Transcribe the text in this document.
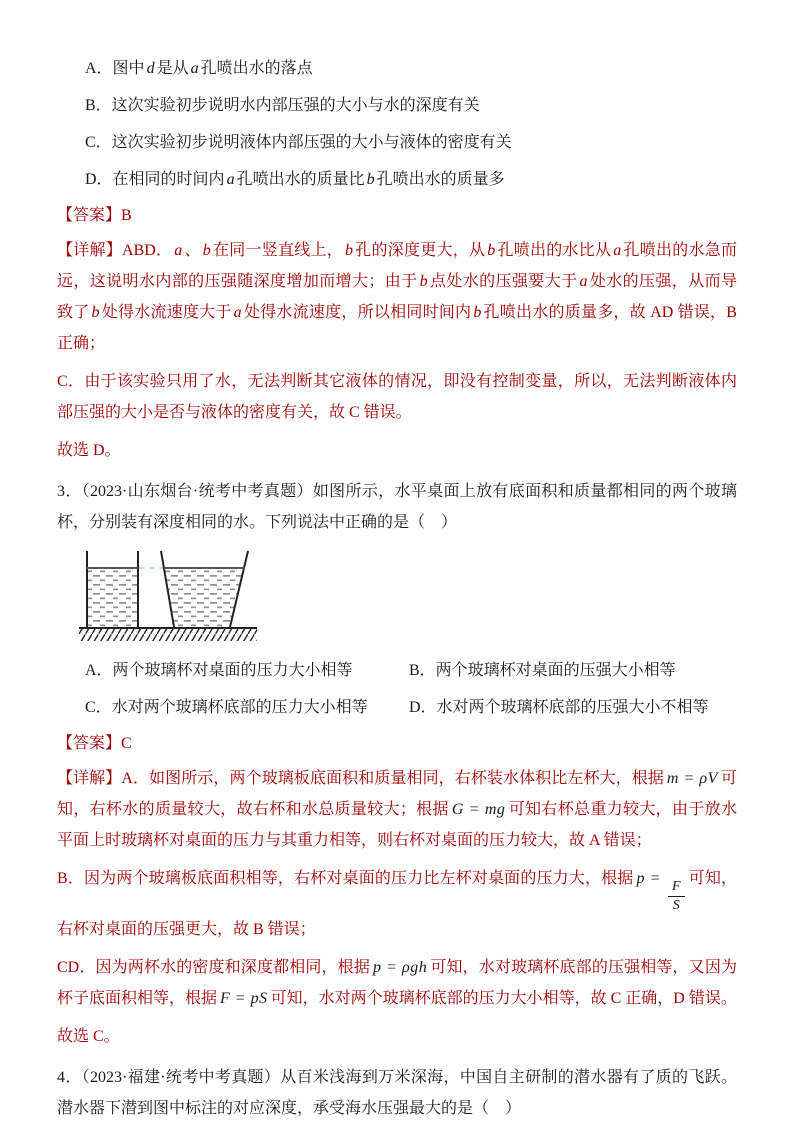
A．图中 d 是从 a 孔喷出水的落点
B．这次实验初步说明水内部压强的大小与水的深度有关
C．这次实验初步说明液体内部压强的大小与液体的密度有关
D．在相同的时间内 a 孔喷出水的质量比 b 孔喷出水的质量多

【答案】B

【详解】ABD． a 、 b 在同一竖直线上， b 孔的深度更大，从 b 孔喷出的水比从 a 孔喷出的水急而远，这说明水内部的压强随深度增加而增大；由于 b 点处水的压强要大于 a 处水的压强，从而导致了 b 处得水流速度大于 a 处得水流速度，所以相同时间内 b 孔喷出水的质量多，故 AD 错误，B 正确；

C．由于该实验只用了水，无法判断其它液体的情况，即没有控制变量，所以，无法判断液体内部压强的大小是否与液体的密度有关，故 C 错误。

故选 D。

3．（2023·山东烟台·统考中考真题）如图所示，水平桌面上放有底面积和质量都相同的两个玻璃杯，分别装有深度相同的水。下列说法中正确的是（　）

A．两个玻璃杯对桌面的压力大小相等	B．两个玻璃杯对桌面的压强大小相等
C．水对两个玻璃杯底部的压力大小相等	D．水对两个玻璃杯底部的压强大小不相等

【答案】C

【详解】A．如图所示，两个玻璃板底面积和质量相同，右杯装水体积比左杯大，根据 m = ρV 可知，右杯水的质量较大，故右杯和水总质量较大；根据 G = mg 可知右杯总重力较大，由于放水平面上时玻璃杯对桌面的压力与其重力相等，则右杯对桌面的压力较大，故 A 错误；

B．因为两个玻璃板底面积相等，右杯对桌面的压力比左杯对桌面的压力大，根据 p =
$\frac{F}{S}$
可知，右杯对桌面的压强更大，故 B 错误；

CD．因为两杯水的密度和深度都相同，根据 p = ρgh 可知，水对玻璃杯底部的压强相等，又因为杯子底面积相等，根据 F = pS 可知，水对两个玻璃杯底部的压力大小相等，故 C 正确，D 错误。

故选 C。

4．（2023·福建·统考中考真题）从百米浅海到万米深海，中国自主研制的潜水器有了质的飞跃。潜水器下潜到图中标注的对应深度，承受海水压强最大的是（　）
